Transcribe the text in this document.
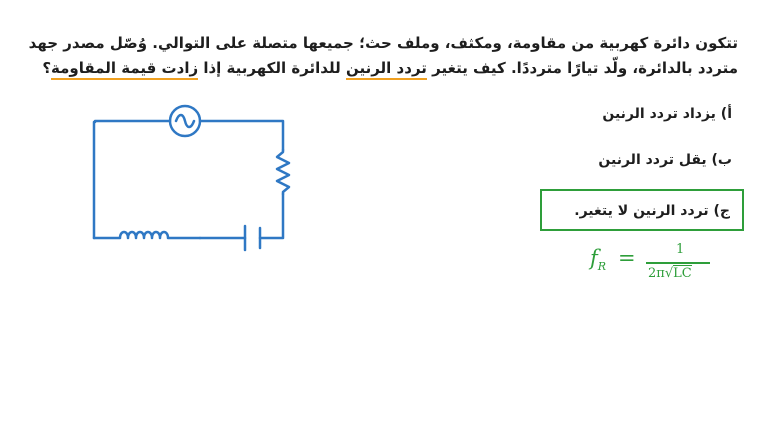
تتكون دائرة كهربية من مقاومة، ومكثف، وملف حث؛ جميعها متصلة على التوالي. وُصّل مصدر جهد
متردد بالدائرة، ولّد تيارًا مترددًا. كيف يتغير تردد الرنين للدائرة الكهربية إذا زادت قيمة المقاومة؟
أ) يزداد تردد الرنين
ب) يقل تردد الرنين
ج) تردد الرنين لا يتغير.
$f_R$ =	1
2π√LC
